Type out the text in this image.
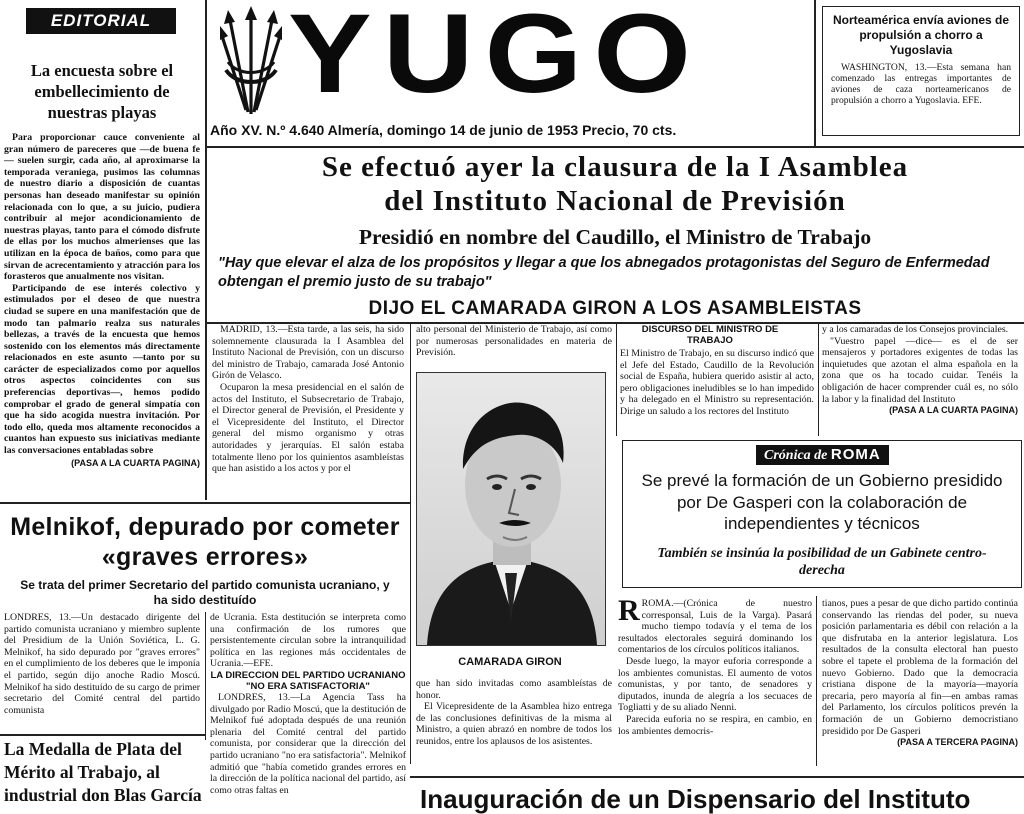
YUGO
Año XV. N.º 4.640 Almería, domingo 14 de junio de 1953 Precio, 70 cts.
EDITORIAL
La encuesta sobre el embellecimiento de nuestras playas

Para proporcionar cauce conveniente al gran número de pareceres que —de buena fe— suelen surgir, cada año, al aproximarse la temporada veraniega, pusimos las columnas de nuestro diario a disposición de cuantas personas han deseado manifestar su opinión relacionada con lo que, a su juicio, pudiera contribuir al mejor acondicionamiento de nuestras playas, tanto para el cómodo disfrute de ellas por los muchos almerienses que las utilizan en la época de baños, como para que sirvan de acrecentamiento y atracción para los forasteros que anualmente nos visitan.

Participando de ese interés colectivo y estimulados por el deseo de que nuestra ciudad se supere en una manifestación que de modo tan palmario realza sus naturales bellezas, a través de la encuesta que hemos sostenido con los elementos más directamente relacionados en este asunto —tanto por su carácter de especializados como por aquellos otros aspectos coincidentes con sus preferencias deportivas—, hemos podido comprobar el grado de general simpatía con que ha sido acogida nuestra invitación. Por todo ello, queda mos altamente reconocidos a cuantos han expuesto sus iniciativas mediante las conversaciones entabladas sobre

(PASA A LA CUARTA PAGINA)
Norteamérica envía aviones de propulsión a chorro a Yugoslavia
WASHINGTON, 13.—Esta semana han comenzado las entregas importantes de aviones de caza norteamericanos de propulsión a chorro a Yugoslavia. EFE.
Se efectuó ayer la clausura de la I Asamblea
del Instituto Nacional de Previsión
Presidió en nombre del Caudillo, el Ministro de Trabajo
"Hay que elevar el alza de los propósitos y llegar a que los abnegados protagonistas del Seguro de Enfermedad obtengan el premio justo de su trabajo"
DIJO EL CAMARADA GIRON A LOS ASAMBLEISTAS

MADRID, 13.—Esta tarde, a las seis, ha sido solemnemente clausurada la I Asamblea del Instituto Nacional de Previsión, con un discurso del ministro de Trabajo, camarada José Antonio Girón de Velasco.

Ocuparon la mesa presidencial en el salón de actos del Instituto, el Subsecretario de Trabajo, el Director general de Previsión, el Presidente y el Vicepresidente del Instituto, el Director general del mismo organismo y otras autoridades y jerarquías. El salón estaba totalmente lleno por los quinientos asambleístas que han asistido a los actos y por el

alto personal del Ministerio de Trabajo, así como por numerosas personalidades en materia de Previsión.
CAMARADA GIRON

que han sido invitadas como asambleístas de honor.

El Vicepresidente de la Asamblea hizo entrega de las conclusiones definitivas de la misma al Ministro, a quien abrazó en nombre de todos los reunidos, entre los aplausos de los asistentes.

DISCURSO DEL MINISTRO DE TRABAJO
El Ministro de Trabajo, en su discurso indicó que el Jefe del Estado, Caudillo de la Revolución social de España, hubiera querido asistir al acto, pero obligaciones ineludibles se lo han impedido y ha delegado en el Ministro su representación. Dirige un saludo a los rectores del Instituto

y a los camaradas de los Consejos provinciales.

"Vuestro papel —dice— es el de ser mensajeros y portadores exigentes de todas las inquietudes que azotan el alma española en la zona que os ha tocado cuidar. Tenéis la obligación de hacer comprender cuál es, no sólo la labor y la finalidad del Instituto

(PASA A LA CUARTA PAGINA)
Crónica de ROMA
Se prevé la formación de un Gobierno presidido por De Gasperi con la colaboración de independientes y técnicos
También se insinúa la posibilidad de un Gabinete centro-derecha

RROMA.—(Crónica de nuestro corresponsal, Luis de la Varga). Pasará mucho tiempo todavía y el tema de los resultados electorales seguirá dominando los comentarios de los círculos políticos italianos.

Desde luego, la mayor euforia corresponde a los ambientes comunistas. El aumento de votos comunistas, y por tanto, de senadores y diputados, inunda de alegría a los secuaces de Togliatti y de su aliado Nenni.

Parecida euforia no se respira, en cambio, en los ambientes democris-

tianos, pues a pesar de que dicho partido continúa conservando las riendas del poder, su nueva posición parlamentaria es débil con relación a la que disfrutaba en la anterior legislatura. Los resultados de la consulta electoral han puesto sobre el tapete el problema de la formación del nuevo Gobierno. Dado que la democracia cristiana dispone de la mayoría—mayoría precaria, pero mayoría al fin—en ambas ramas del Parlamento, los círculos políticos prevén la formación de un Gobierno democristiano presidido por De Gasperi

(PASA A TERCERA PAGINA)
Melnikof, depurado por cometer «graves errores»
Se trata del primer Secretario del partido comunista ucraniano, y ha sido destituído
LONDRES, 13.—Un destacado dirigente del partido comunista ucraniano y miembro suplente del Presidium de la Unión Soviética, L. G. Melnikof, ha sido depurado por "graves errores" en el cumplimiento de los deberes que le imponía el partido, según dijo anoche Radio Moscú. Melnikof ha sido destituído de su cargo de primer secretario del Comité central del partido comunista

de Ucrania. Esta destitución se interpreta como una confirmación de los rumores que persistentemente circulan sobre la intranquilidad política en las regiones más occidentales de Ucrania.—EFE.

LA DIRECCION DEL PARTIDO UCRANIANO "NO ERA SATISFACTORIA"

LONDRES, 13.—La Agencia Tass ha divulgado por Radio Moscú, que la destitución de Melnikof fué adoptada después de una reunión plenaria del Comité central del partido comunista, por considerar que la dirección del partido ucraniano "no era satisfactoria". Melnikof admitió que "había cometido grandes errores en la dirección de la política nacional del partido, así como otras faltas en

La Medalla de Plata del Mérito al Trabajo, al industrial don Blas García	Inauguración de un Dispensario del Instituto
